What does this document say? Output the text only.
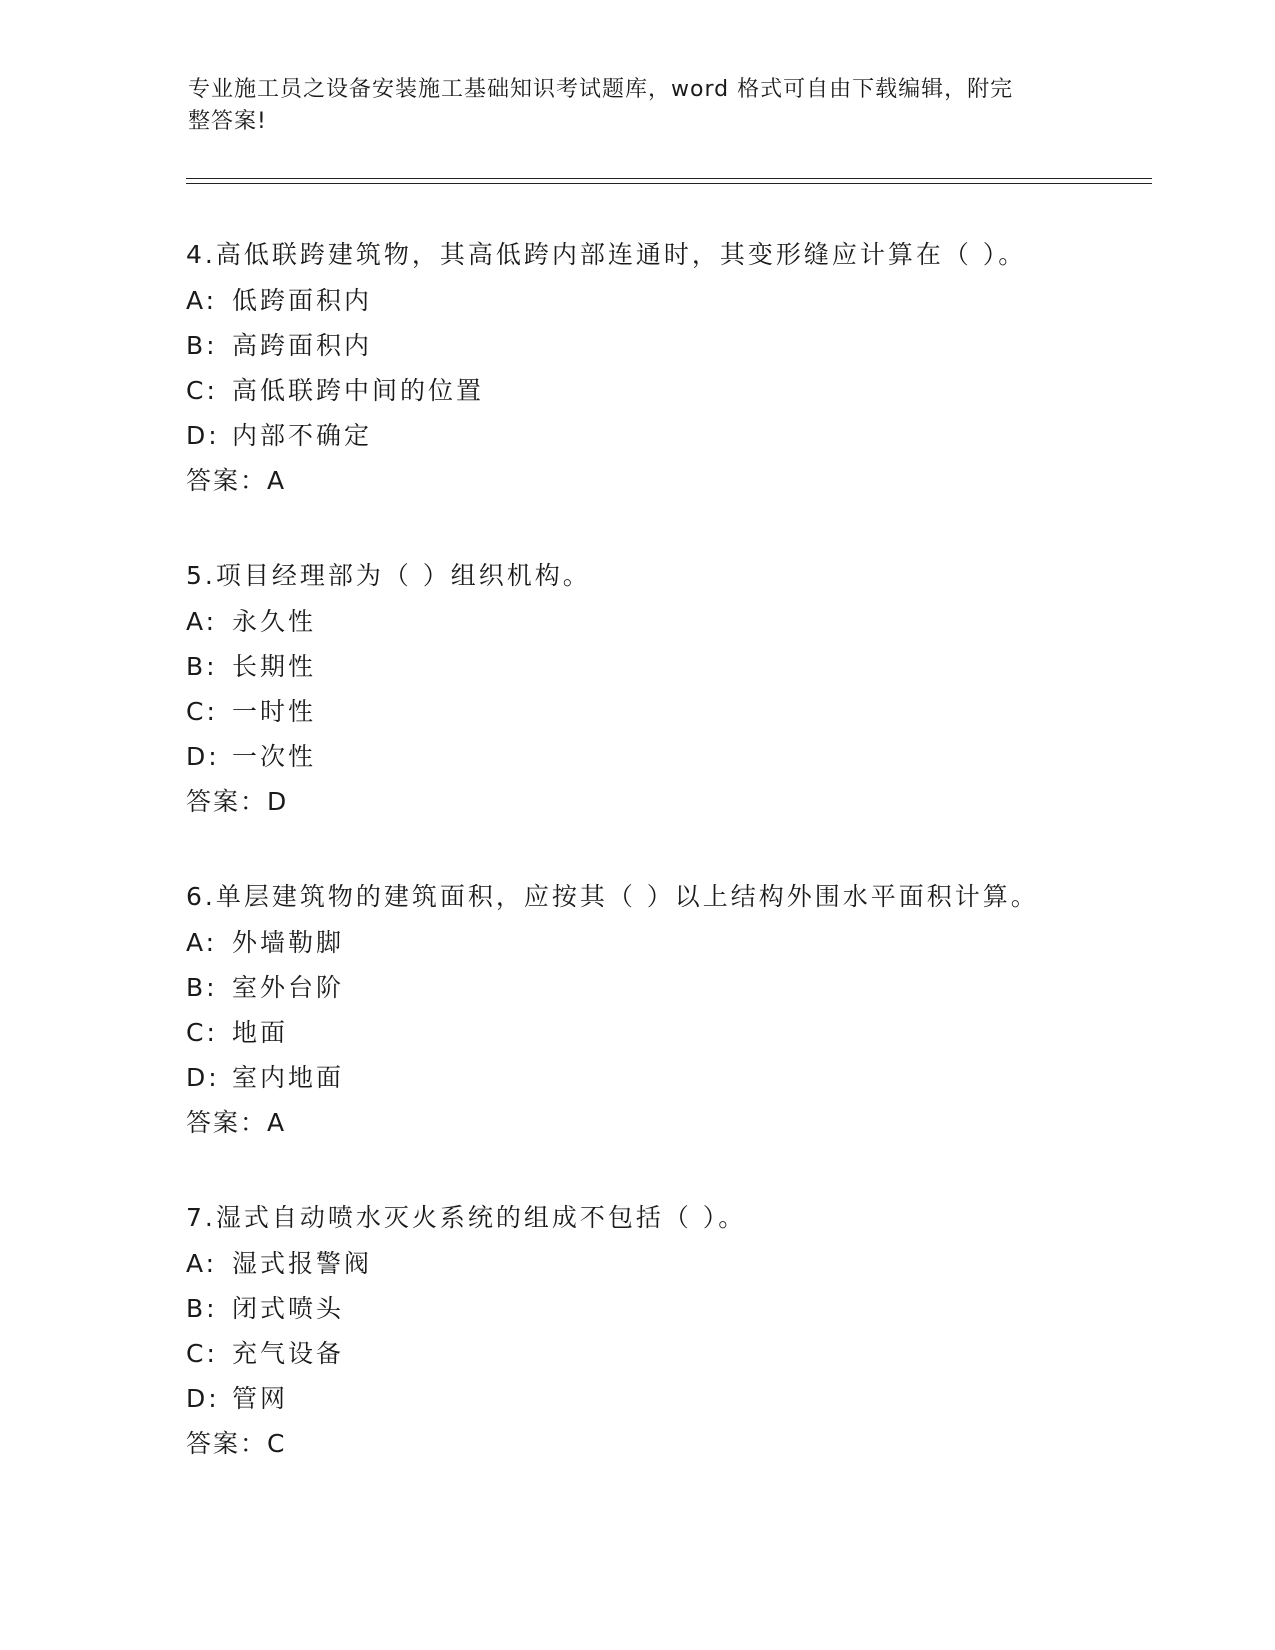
专业施工员之设备安装施工基础知识考试题库，word 格式可自由下载编辑，附完
整答案!
4.高低联跨建筑物，其高低跨内部连通时，其变形缝应计算在（ ）。
A: 低跨面积内
B: 高跨面积内
C: 高低联跨中间的位置
D: 内部不确定
答案：A
5.项目经理部为（ ）组织机构。
A: 永久性
B: 长期性
C: 一时性
D: 一次性
答案：D
6.单层建筑物的建筑面积，应按其（ ）以上结构外围水平面积计算。
A: 外墙勒脚
B: 室外台阶
C: 地面
D: 室内地面
答案：A
7.湿式自动喷水灭火系统的组成不包括（ ）。
A: 湿式报警阀
B: 闭式喷头
C: 充气设备
D: 管网
答案：C
